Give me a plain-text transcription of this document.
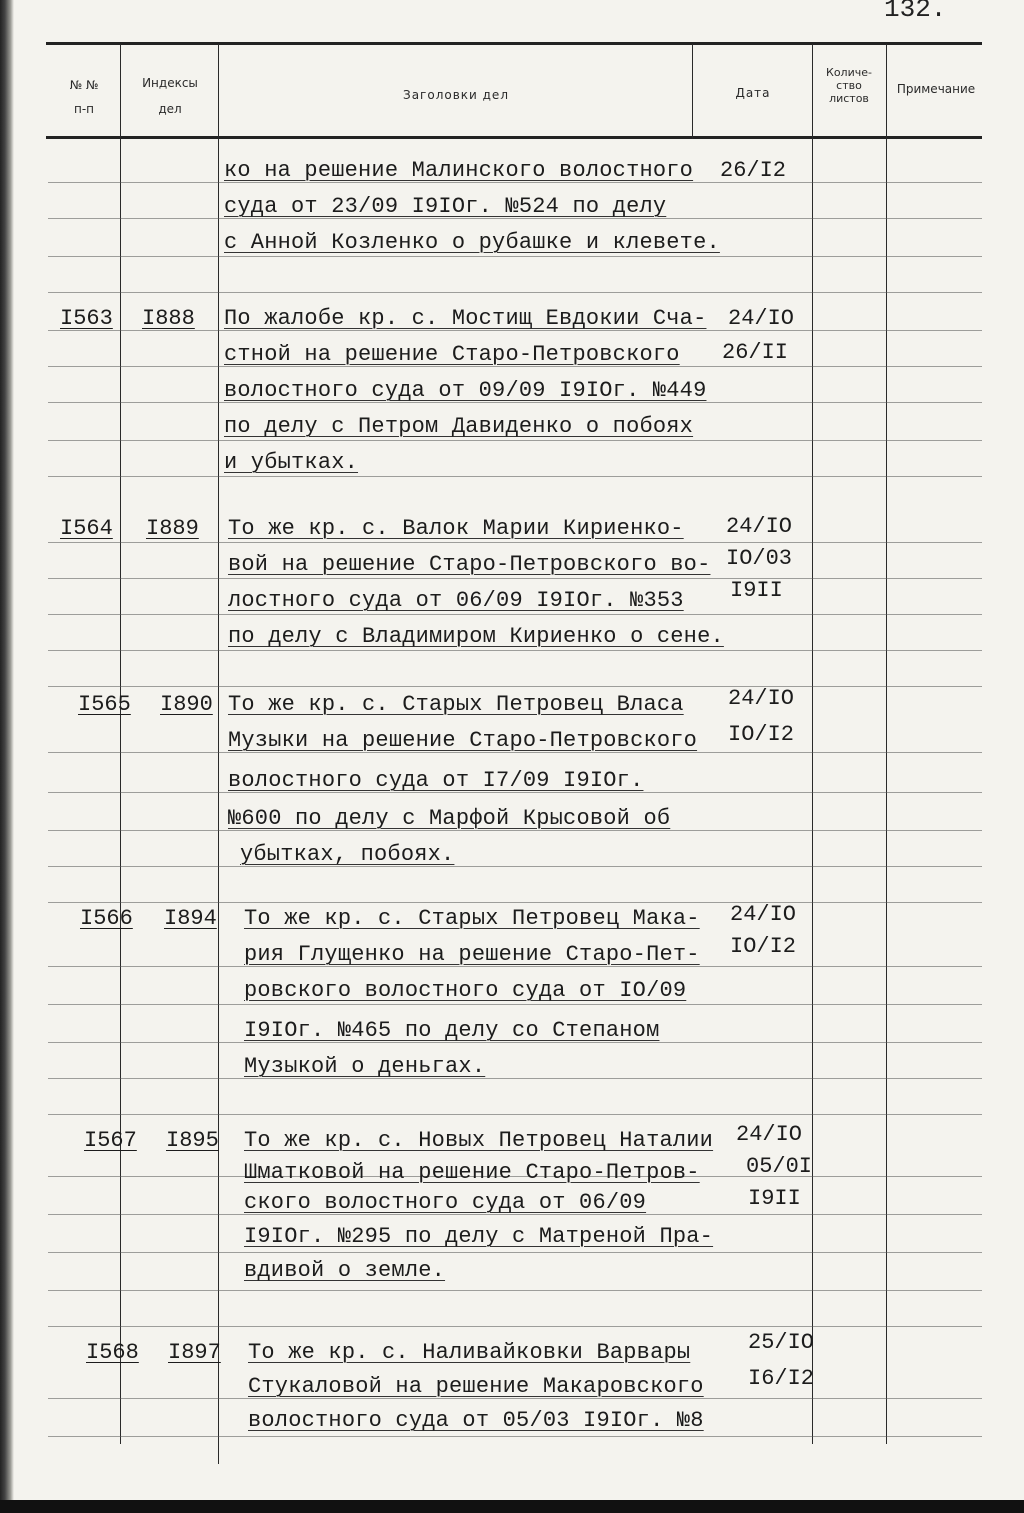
132.
№ №
п-п
Индексы
дел
Заголовки дел	Дата
Количе-
ство
листов
Примечание
ко на решение Малинского волостного
суда от 23/09 I9IОг. №524 по делу
с Анной Козленко о рубашке и клевете.
26/I2
I563 I888 По жалобе кр. с. Мостищ Евдокии Сча-
стной на решение Старо-Петровского
волостного суда от 09/09 I9IОг. №449
по делу с Петром Давиденко о побоях
и убытках.
24/IО
26/II
I564 I889 То же кр. с. Валок Марии Кириенко-
вой на решение Старо-Петровского во-
лостного суда от 06/09 I9IОг. №353
по делу с Владимиром Кириенко о сене.
24/IО
IО/03
I9II
I565 I890 То же кр. с. Старых Петровец Власа
Музыки на решение Старо-Петровского
волостного суда от I7/09 I9IОг.
№600 по делу с Марфой Крысовой об
убытках, побоях.
24/IО
IО/I2
I566 I894 То же кр. с. Старых Петровец Мака-
рия Глущенко на решение Старо-Пет-
ровского волостного суда от IО/09
I9IОг. №465 по делу со Степаном
Музыкой о деньгах.
24/IО
IО/I2
I567 I895 То же кр. с. Новых Петровец Наталии
Шматковой на решение Старо-Петров-
ского волостного суда от 06/09
I9IОг. №295 по делу с Матреной Пра-
вдивой о земле.
24/IО
05/0I
I9II
I568 I897 То же кр. с. Наливайковки Варвары
Стукаловой на решение Макаровского
волостного суда от 05/03 I9IОг. №8
25/IО
I6/I2
